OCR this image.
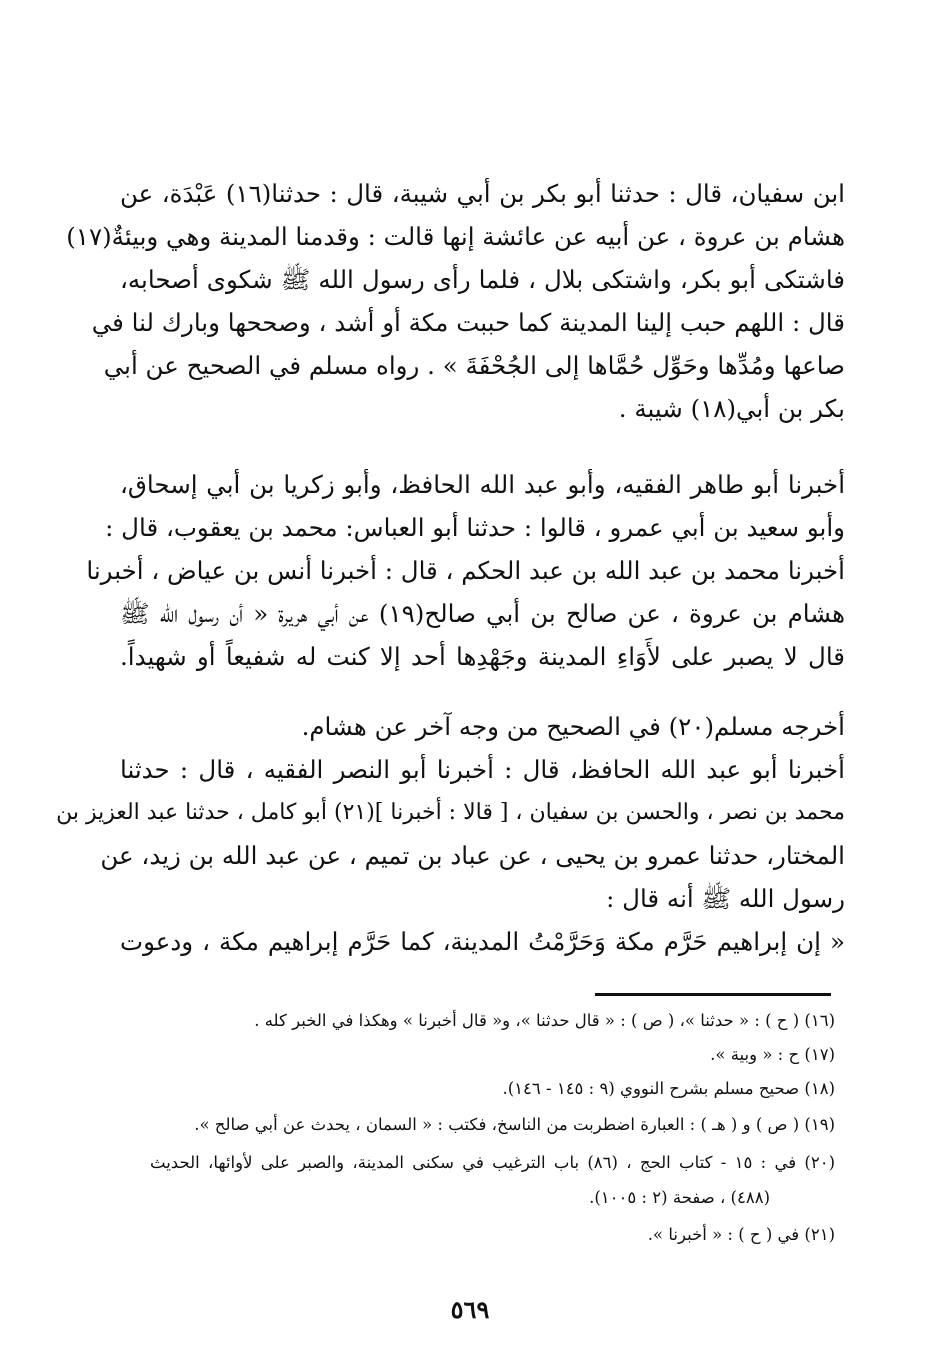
ابن سفيان، قال : حدثنا أبو بكر بن أبي شيبة، قال : حدثنا(١٦) عَبْدَة، عن
هشام بن عروة ، عن أبيه عن عائشة إنها قالت : وقدمنا المدينة وهي وبيئةٌ(١٧)
فاشتكى أبو بكر، واشتكى بلال ، فلما رأى رسول الله ﷺ شكوى أصحابه،
قال : اللهم حبب إلينا المدينة كما حببت مكة أو أشد ، وصححها وبارك لنا في
صاعها ومُدِّها وحَوِّل حُمَّاها إلى الجُحْفَةَ » . رواه مسلم في الصحيح عن أبي
بكر بن أبي(١٨) شيبة .
أخبرنا أبو طاهر الفقيه، وأبو عبد الله الحافظ، وأبو زكريا بن أبي إسحاق،
وأبو سعيد بن أبي عمرو ، قالوا : حدثنا أبو العباس: محمد بن يعقوب، قال :
أخبرنا محمد بن عبد الله بن عبد الحكم ، قال : أخبرنا أنس بن عياض ، أخبرنا
هشام بن عروة ، عن صالح بن أبي صالح(١٩) عن أبي هريرة « أن رسول الله ﷺ
قال لا يصبر على لأَوَاءِ المدينة وجَهْدِها أحد إلا كنت له شفيعاً أو شهيداً.
أخرجه مسلم(٢٠) في الصحيح من وجه آخر عن هشام.
أخبرنا أبو عبد الله الحافظ، قال : أخبرنا أبو النصر الفقيه ، قال : حدثنا
محمد بن نصر ، والحسن بن سفيان ، [ قالا : أخبرنا ](٢١) أبو كامل ، حدثنا عبد العزيز بن
المختار، حدثنا عمرو بن يحيى ، عن عباد بن تميم ، عن عبد الله بن زيد، عن
رسول الله ﷺ أنه قال :
« إن إبراهيم حَرَّم مكة وَحَرَّمْتُ المدينة، كما حَرَّم إبراهيم مكة ، ودعوت
(١٦) ( ح ) : « حدثنا »، ( ص ) : « قال حدثنا »، و« قال أخبرنا » وهكذا في الخبر كله .
(١٧) ح : « وبية ».
(١٨) صحيح مسلم بشرح النووي (٩ : ١٤٥ - ١٤٦).
(١٩) ( ص ) و ( هـ ) : العبارة اضطربت من الناسخ، فكتب : « السمان ، يحدث عن أبي صالح ».
(٢٠) في : ١٥ - كتاب الحج ، (٨٦) باب الترغيب في سكنى المدينة، والصبر على لأوائها، الحديث
(٤٨٨) ، صفحة (٢ : ١٠٠٥).
(٢١) في ( ح ) : « أخبرنا ».
٥٦٩
